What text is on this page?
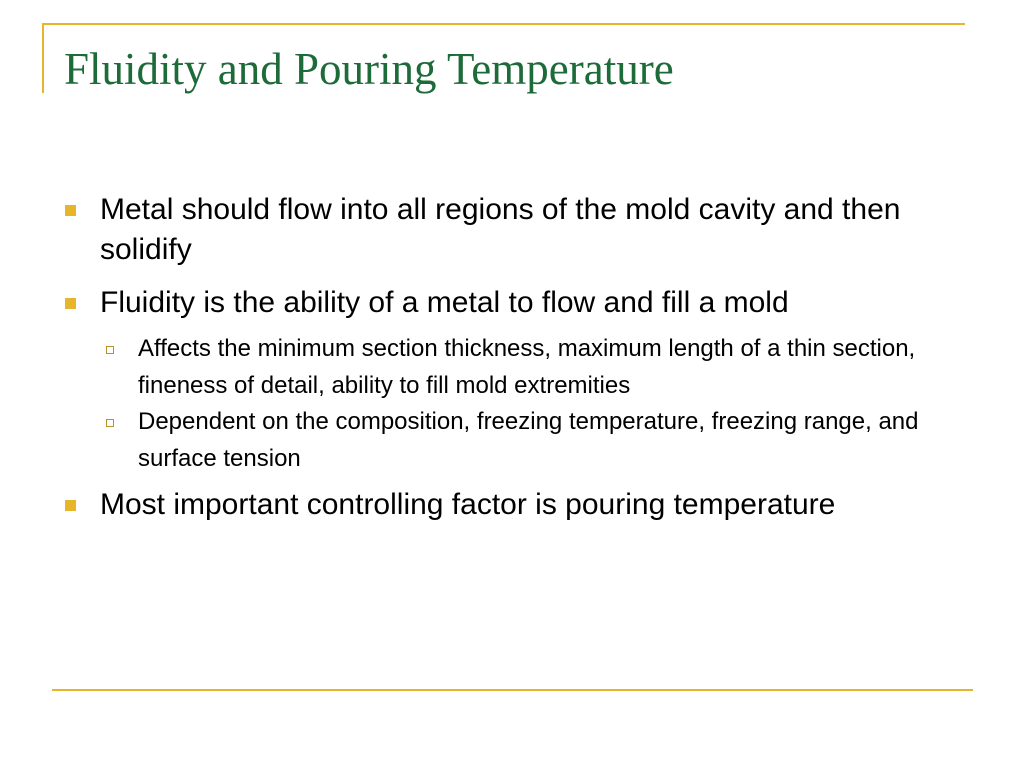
Fluidity and Pouring Temperature
Metal should flow into all regions of the mold cavity and then solidify
Fluidity is the ability of a metal to flow and fill a mold
Affects the minimum section thickness, maximum length of a thin section, fineness of detail, ability to fill mold extremities
Dependent on the composition, freezing temperature, freezing range, and surface tension
Most important controlling factor is pouring temperature
